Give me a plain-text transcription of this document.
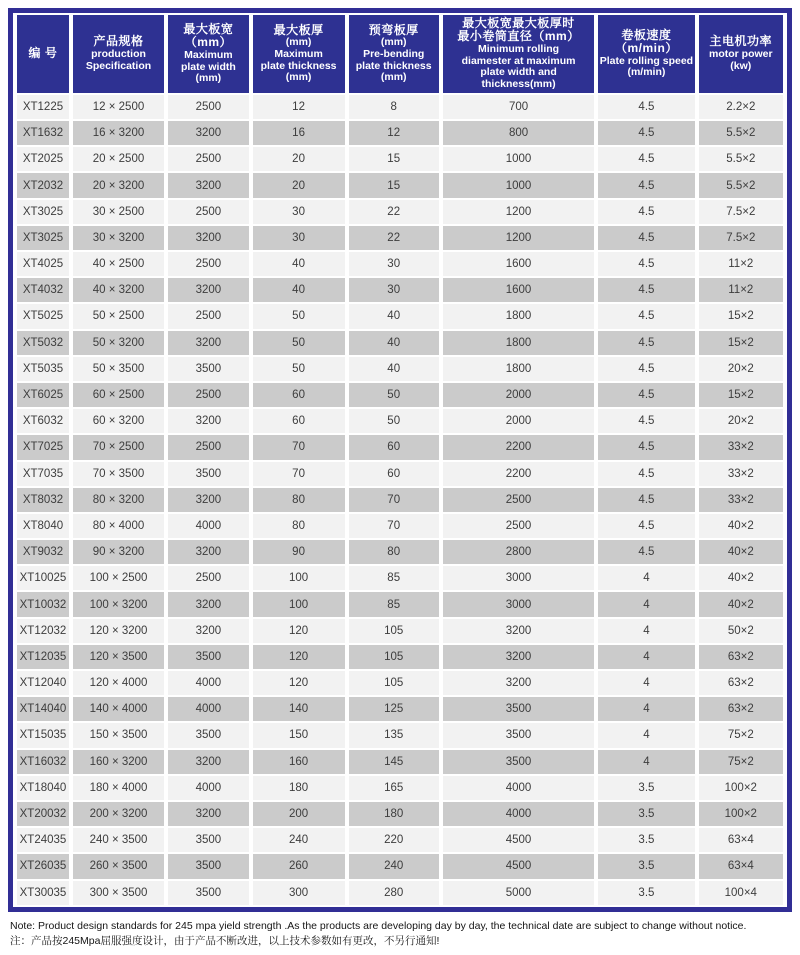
编 号

产品规格
production
Specification

最大板宽
（mm）
Maximum
plate width
(mm)

最大板厚
(mm)
Maximum
plate thickness
(mm)

预弯板厚
(mm)
Pre-bending
plate thickness
(mm)

最大板宽最大板厚时
最小卷筒直径（mm）
Minimum rolling
diamester at maximum
plate width and
thickness(mm)

卷板速度
（m/min）
Plate rolling speed
(m/min)

主电机功率
motor power
(kw)

XT1225	12 × 2500	2500	12	8	700	4.5	2.2×2
XT1632	16 × 3200	3200	16	12	800	4.5	5.5×2
XT2025	20 × 2500	2500	20	15	1000	4.5	5.5×2
XT2032	20 × 3200	3200	20	15	1000	4.5	5.5×2
XT3025	30 × 2500	2500	30	22	1200	4.5	7.5×2
XT3025	30 × 3200	3200	30	22	1200	4.5	7.5×2
XT4025	40 × 2500	2500	40	30	1600	4.5	11×2
XT4032	40 × 3200	3200	40	30	1600	4.5	11×2
XT5025	50 × 2500	2500	50	40	1800	4.5	15×2
XT5032	50 × 3200	3200	50	40	1800	4.5	15×2
XT5035	50 × 3500	3500	50	40	1800	4.5	20×2
XT6025	60 × 2500	2500	60	50	2000	4.5	15×2
XT6032	60 × 3200	3200	60	50	2000	4.5	20×2
XT7025	70 × 2500	2500	70	60	2200	4.5	33×2
XT7035	70 × 3500	3500	70	60	2200	4.5	33×2
XT8032	80 × 3200	3200	80	70	2500	4.5	33×2
XT8040	80 × 4000	4000	80	70	2500	4.5	40×2
XT9032	90 × 3200	3200	90	80	2800	4.5	40×2
XT10025	100 × 2500	2500	100	85	3000	4	40×2
XT10032	100 × 3200	3200	100	85	3000	4	40×2
XT12032	120 × 3200	3200	120	105	3200	4	50×2
XT12035	120 × 3500	3500	120	105	3200	4	63×2
XT12040	120 × 4000	4000	120	105	3200	4	63×2
XT14040	140 × 4000	4000	140	125	3500	4	63×2
XT15035	150 × 3500	3500	150	135	3500	4	75×2
XT16032	160 × 3200	3200	160	145	3500	4	75×2
XT18040	180 × 4000	4000	180	165	4000	3.5	100×2
XT20032	200 × 3200	3200	200	180	4000	3.5	100×2
XT24035	240 × 3500	3500	240	220	4500	3.5	63×4
XT26035	260 × 3500	3500	260	240	4500	3.5	63×4
XT30035	300 × 3500	3500	300	280	5000	3.5	100×4

Note: Product design standards for 245 mpa yield strength .As the products are developing day by day, the technical date are subject to change without notice.

注：产品按245Mpa屈服强度设计，由于产品不断改进，以上技术参数如有更改，不另行通知!
